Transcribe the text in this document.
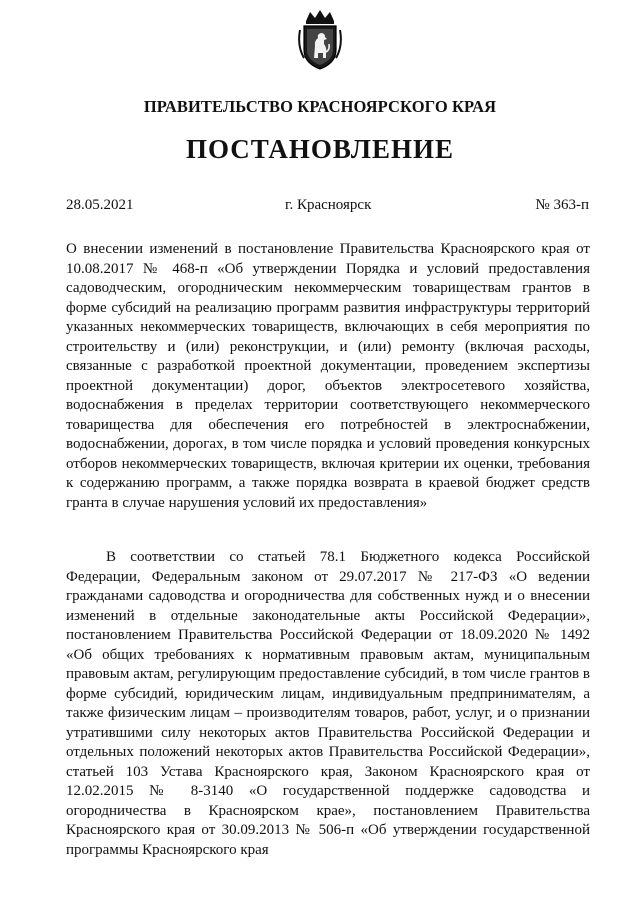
ПРАВИТЕЛЬСТВО КРАСНОЯРСКОГО КРАЯ
ПОСТАНОВЛЕНИЕ
28.05.2021	г. Красноярск	№ 363-п
О внесении изменений в постановление Правительства Красноярского края от 10.08.2017 № 468-п «Об утверждении Порядка и условий предоставления садоводческим, огородническим некоммерческим товариществам грантов в форме субсидий на реализацию программ развития инфраструктуры территорий указанных некоммерческих товариществ, включающих в себя мероприятия по строительству и (или) реконструкции, и (или) ремонту (включая расходы, связанные с разработкой проектной документации, проведением экспертизы проектной документации) дорог, объектов электросетевого хозяйства, водоснабжения в пределах территории соответствующего некоммерческого товарищества для обеспечения его потребностей в электроснабжении, водоснабжении, дорогах, в том числе порядка и условий проведения конкурсных отборов некоммерческих товариществ, включая критерии их оценки, требования к содержанию программ, а также порядка возврата в краевой бюджет средств гранта в случае нарушения условий их предоставления»
В соответствии со статьей 78.1 Бюджетного кодекса Российской Федерации, Федеральным законом от 29.07.2017 № 217-ФЗ «О ведении гражданами садоводства и огородничества для собственных нужд и о внесении изменений в отдельные законодательные акты Российской Федерации», постановлением Правительства Российской Федерации от 18.09.2020 № 1492 «Об общих требованиях к нормативным правовым актам, муниципальным правовым актам, регулирующим предоставление субсидий, в том числе грантов в форме субсидий, юридическим лицам, индивидуальным предпринимателям, а также физическим лицам – производителям товаров, работ, услуг, и о признании утратившими силу некоторых актов Правительства Российской Федерации и отдельных положений некоторых актов Правительства Российской Федерации», статьей 103 Устава Красноярского края, Законом Красноярского края от 12.02.2015 № 8-3140 «О государственной поддержке садоводства и огородничества в Красноярском крае», постановлением Правительства Красноярского края от 30.09.2013 № 506-п «Об утверждении государственной программы Красноярского края
